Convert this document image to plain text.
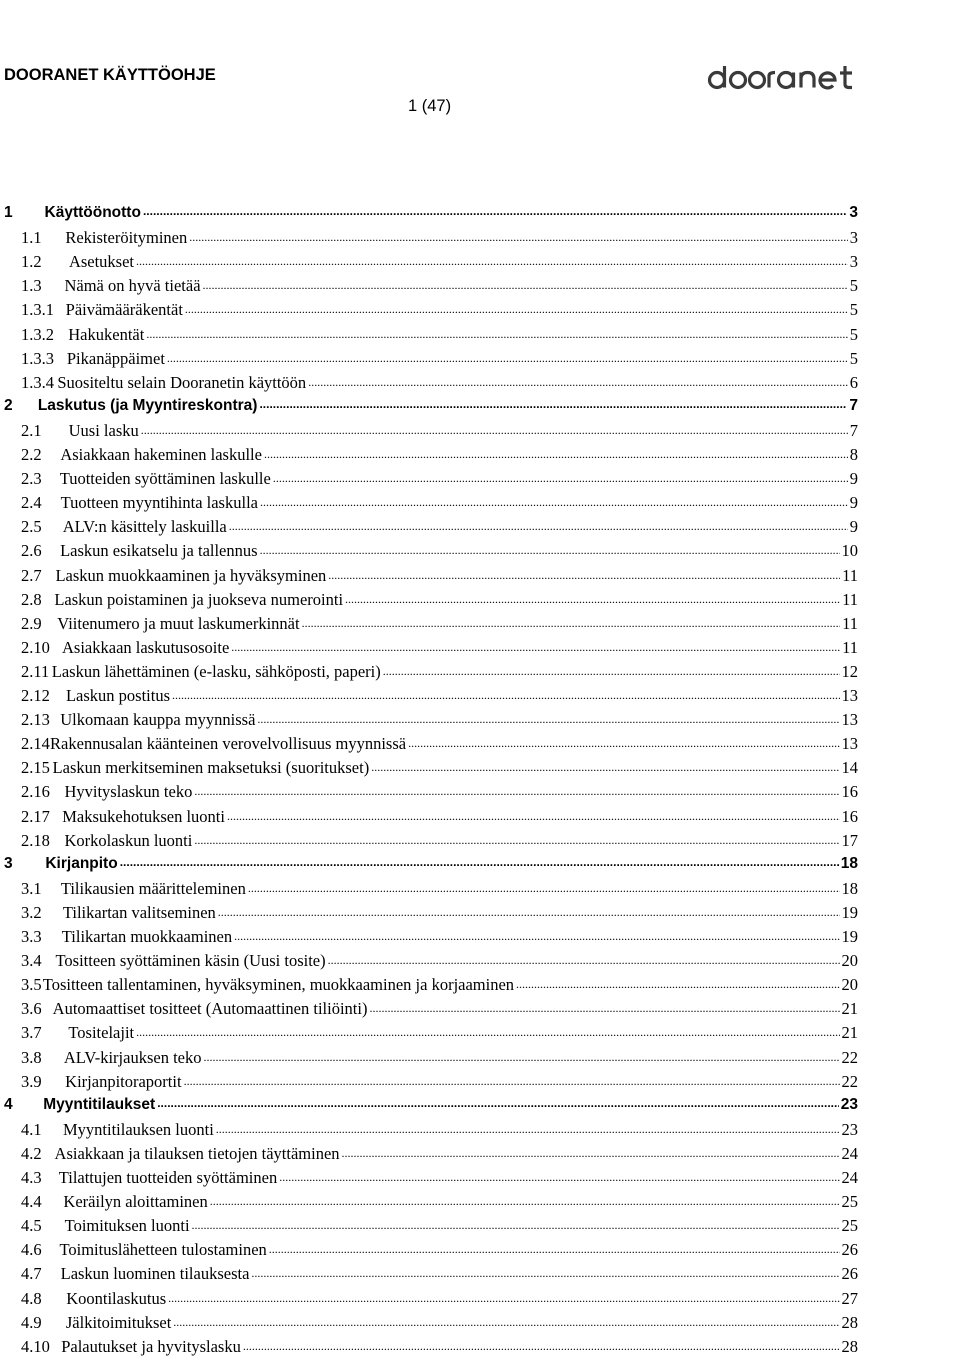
DOORANET KÄYTTÖOHJE
1 (47)
1	Käyttöönotto .....	3
1.1	Rekisteröityminen .....	3
1.2	Asetukset .....	3
1.3	Nämä on hyvä tietää .....	5
1.3.1 Päivämääräkentät .....	5
1.3.2 Hakukentät .....	5
1.3.3 Pikanäppäimet .....	5
1.3.4 Suositeltu selain Dooranetin käyttöön .....	6
2	Laskutus (ja Myyntireskontra) .....	7
2.1	Uusi lasku .....	7
2.2	Asiakkaan hakeminen laskulle .....	8
2.3	Tuotteiden syöttäminen laskulle .....	9
2.4	Tuotteen myyntihinta laskulla .....	9
2.5	ALV:n käsittely laskuilla .....	9
2.6	Laskun esikatselu ja tallennus .....	10
2.7 Laskun muokkaaminen ja hyväksyminen .....	11
2.8 Laskun poistaminen ja juokseva numerointi .....	11
2.9 Viitenumero ja muut laskumerkinnät .....	11
2.10 Asiakkaan laskutusosoite .....	11
2.11 Laskun lähettäminen (e-lasku, sähköposti, paperi) .....	12
2.12 Laskun postitus .....	13
2.13 Ulkomaan kauppa myynnissä .....	13
2.14 Rakennusalan käänteinen verovelvollisuus myynnissä .....	13
2.15 Laskun merkitseminen maksetuksi (suoritukset) .....	14
2.16 Hyvityslaskun teko .....	16
2.17 Maksukehotuksen luonti .....	16
2.18 Korkolaskun luonti .....	17
3	Kirjanpito .....	18
3.1	Tilikausien määritteleminen .....	18
3.2	Tilikartan valitseminen .....	19
3.3	Tilikartan muokkaaminen .....	19
3.4 Tositteen syöttäminen käsin (Uusi tosite) .....	20
3.5 Tositteen tallentaminen, hyväksyminen, muokkaaminen ja korjaaminen .....	20
3.6 Automaattiset tositteet (Automaattinen tiliöinti) .....	21
3.7	Tositelajit .....	21
3.8	ALV-kirjauksen teko .....	22
3.9	Kirjanpitoraportit .....	22
4	Myyntitilaukset .....	23
4.1	Myyntitilauksen luonti .....	23
4.2 Asiakkaan ja tilauksen tietojen täyttäminen .....	24
4.3	Tilattujen tuotteiden syöttäminen .....	24
4.4	Keräilyn aloittaminen .....	25
4.5	Toimituksen luonti .....	25
4.6	Toimituslähetteen tulostaminen .....	26
4.7	Laskun luominen tilauksesta .....	26
4.8	Koontilaskutus .....	27
4.9	Jälkitoimitukset .....	28
4.10 Palautukset ja hyvityslasku .....	28
